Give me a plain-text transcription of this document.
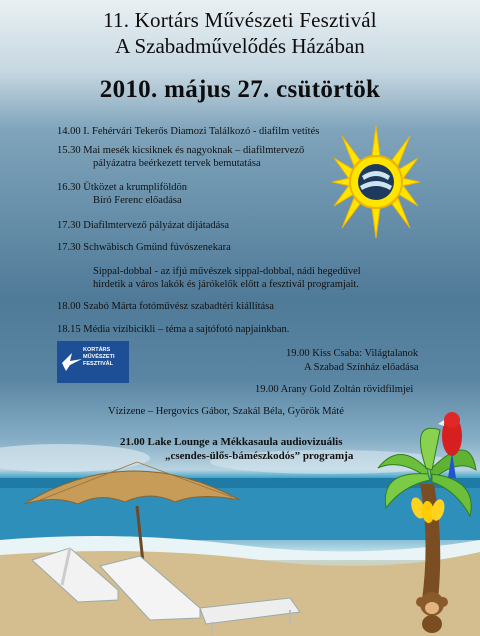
11. Kortárs Művészeti Fesztivál
A Szabadművelődés Házában
2010. május 27. csütörtök
14.00 I. Fehérvári Tekerős Diamozi Találkozó - diafilm vetítés
15.30 Mai mesék kicsiknek és nagyoknak – diafilmtervező
pályázatra beérkezett tervek bemutatása
16.30 Ütközet a krumpliföldön
Bíró Ferenc előadása
17.30 Diafilmtervező pályázat díjátadása
17.30 Schwäbisch Gmünd fúvószenekara
Sippal-dobbal - az ifjú művészek sippal-dobbal, nádi hegedűvel
hirdetik a város lakók és járókelők előtt a fesztivál programjait.
18.00 Szabó Márta fotóművész szabadtéri kiállítása
18.15 Média vízibicikli – téma a sajtófotó napjainkban.
19.00 Kiss Csaba: Világtalanok
A Szabad Színház előadása
19.00 Arany Gold Zoltán rövidfilmjei
Vízizene – Hergovics Gábor, Szakál Béla, Györök Máté
KORTÁRS
MŰVÉSZETI
FESZTIVÁL
21.00 Lake Lounge a Mékkasaula audiovizuális
„csendes-ülős-bámészkodós” programja
